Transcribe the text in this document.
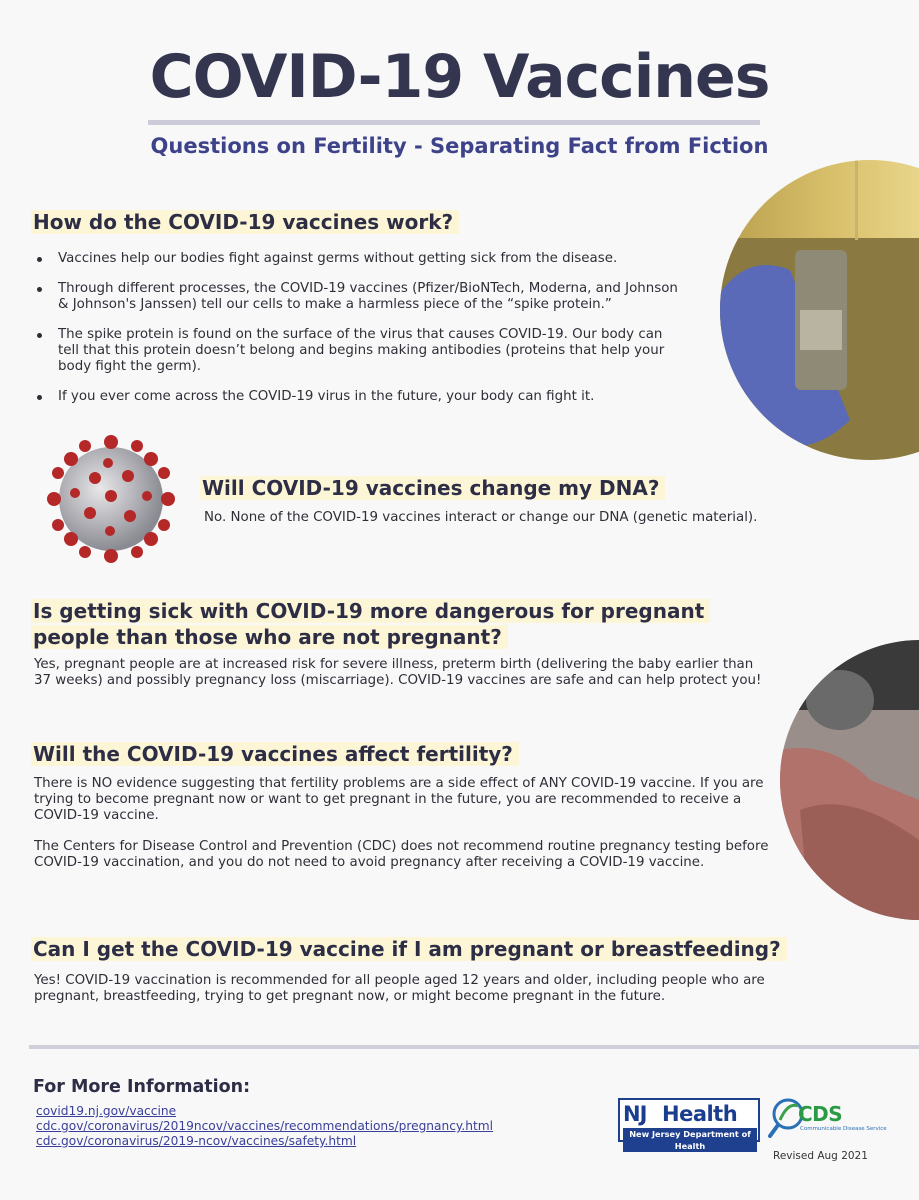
COVID-19 Vaccines
Questions on Fertility - Separating Fact from Fiction
How do the COVID-19 vaccines work?
Vaccines help our bodies fight against germs without getting sick from the disease.
Through different processes, the COVID-19 vaccines (Pfizer/BioNTech, Moderna, and Johnson & Johnson's Janssen) tell our cells to make a harmless piece of the “spike protein.”
The spike protein is found on the surface of the virus that causes COVID-19. Our body can tell that this protein doesn’t belong and begins making antibodies (proteins that help your body fight the germ).
If you ever come across the COVID-19 virus in the future, your body can fight it.
Will COVID-19 vaccines change my DNA?
No. None of the COVID-19 vaccines interact or change our DNA (genetic material).
Is getting sick with COVID-19 more dangerous for pregnant
people than those who are not pregnant?
Yes, pregnant people are at increased risk for severe illness, preterm birth (delivering the baby earlier than 37 weeks) and possibly pregnancy loss (miscarriage). COVID-19 vaccines are safe and can help protect you!
Will the COVID-19 vaccines affect fertility?
There is NO evidence suggesting that fertility problems are a side effect of ANY COVID-19 vaccine. If you are trying to become pregnant now or want to get pregnant in the future, you are recommended to receive a COVID-19 vaccine.
The Centers for Disease Control and Prevention (CDC) does not recommend routine pregnancy testing before COVID-19 vaccination, and you do not need to avoid pregnancy after receiving a COVID-19 vaccine.
Can I get the COVID-19 vaccine if I am pregnant or breastfeeding?
Yes! COVID-19 vaccination is recommended for all people aged 12 years and older, including people who are pregnant, breastfeeding, trying to get pregnant now, or might become pregnant in the future.
For More Information:
covid19.nj.gov/vaccine
cdc.gov/coronavirus/2019ncov/vaccines/recommendations/pregnancy.html
cdc.gov/coronavirus/2019-ncov/vaccines/safety.html
NJ Health
New Jersey Department of Health
CDS
Communicable Disease Service
Revised Aug 2021
